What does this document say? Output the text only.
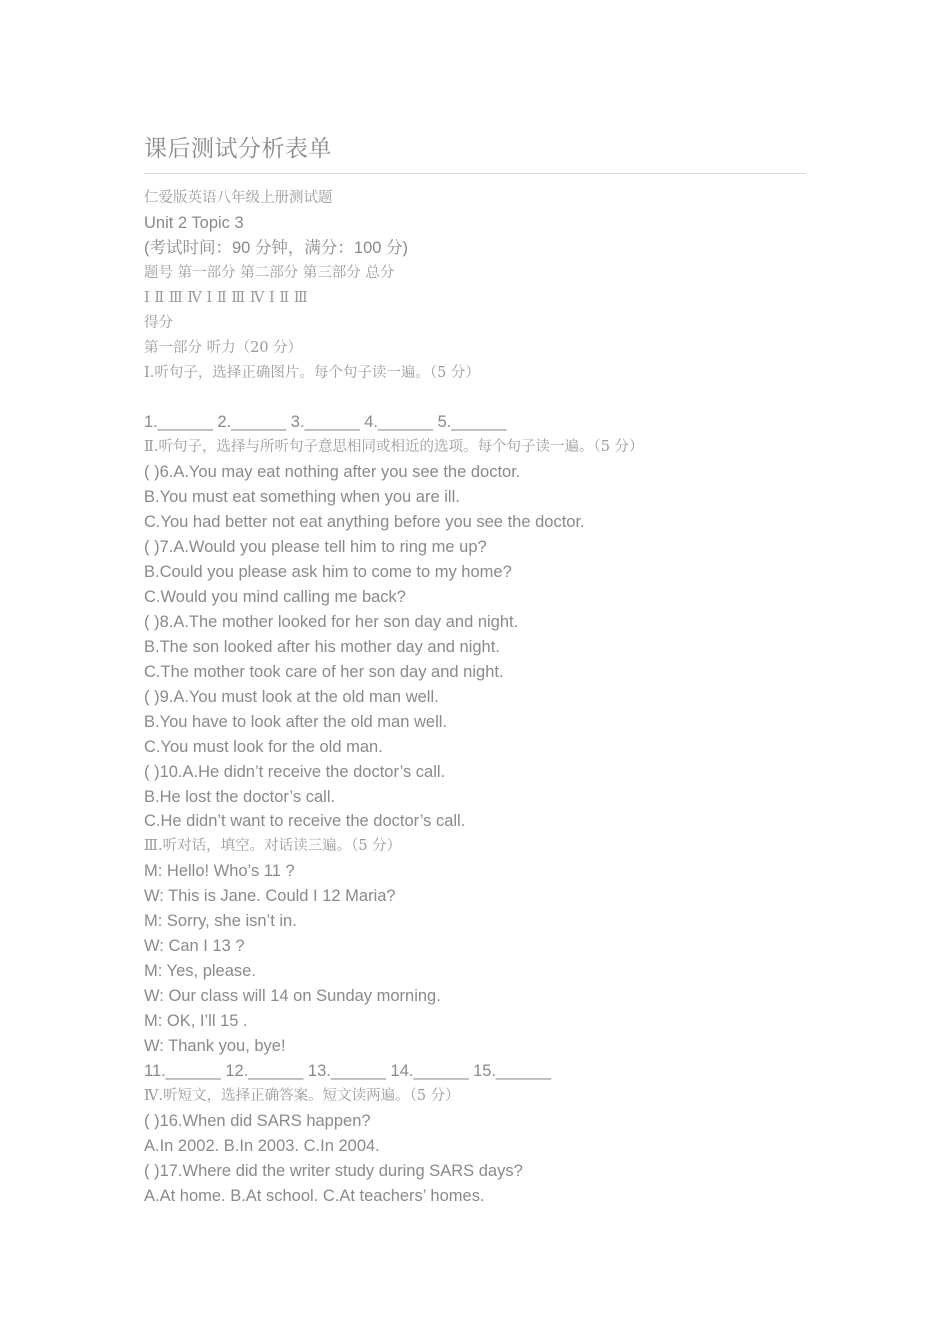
课后测试分析表单
仁爱版英语八年级上册测试题
Unit 2 Topic 3
(考试时间：90 分钟，满分：100 分)
题号 第一部分 第二部分 第三部分 总分
Ⅰ Ⅱ Ⅲ Ⅳ Ⅰ Ⅱ Ⅲ Ⅳ Ⅰ Ⅱ Ⅲ
得分
第一部分 听力（20 分）
Ⅰ.听句子，选择正确图片。每个句子读一遍。（5 分）
1.______ 2.______ 3.______ 4.______ 5.______
Ⅱ.听句子，选择与所听句子意思相同或相近的选项。每个句子读一遍。（5 分）
( )6.A.You may eat nothing after you see the doctor.
B.You must eat something when you are ill.
C.You had better not eat anything before you see the doctor.
( )7.A.Would you please tell him to ring me up?
B.Could you please ask him to come to my home?
C.Would you mind calling me back?
( )8.A.The mother looked for her son day and night.
B.The son looked after his mother day and night.
C.The mother took care of her son day and night.
( )9.A.You must look at the old man well.
B.You have to look after the old man well.
C.You must look for the old man.
( )10.A.He didn’t receive the doctor’s call.
B.He lost the doctor’s call.
C.He didn’t want to receive the doctor’s call.
Ⅲ.听对话，填空。对话读三遍。（5 分）
M: Hello! Who’s 11 ?
W: This is Jane. Could I 12 Maria?
M: Sorry, she isn’t in.
W: Can I 13 ?
M: Yes, please.
W: Our class will 14 on Sunday morning.
M: OK, I’ll 15 .
W: Thank you, bye!
11.______ 12.______ 13.______ 14.______ 15.______
Ⅳ.听短文，选择正确答案。短文读两遍。（5 分）
( )16.When did SARS happen?
A.In 2002. B.In 2003. C.In 2004.
( )17.Where did the writer study during SARS days?
A.At home. B.At school. C.At teachers’ homes.
